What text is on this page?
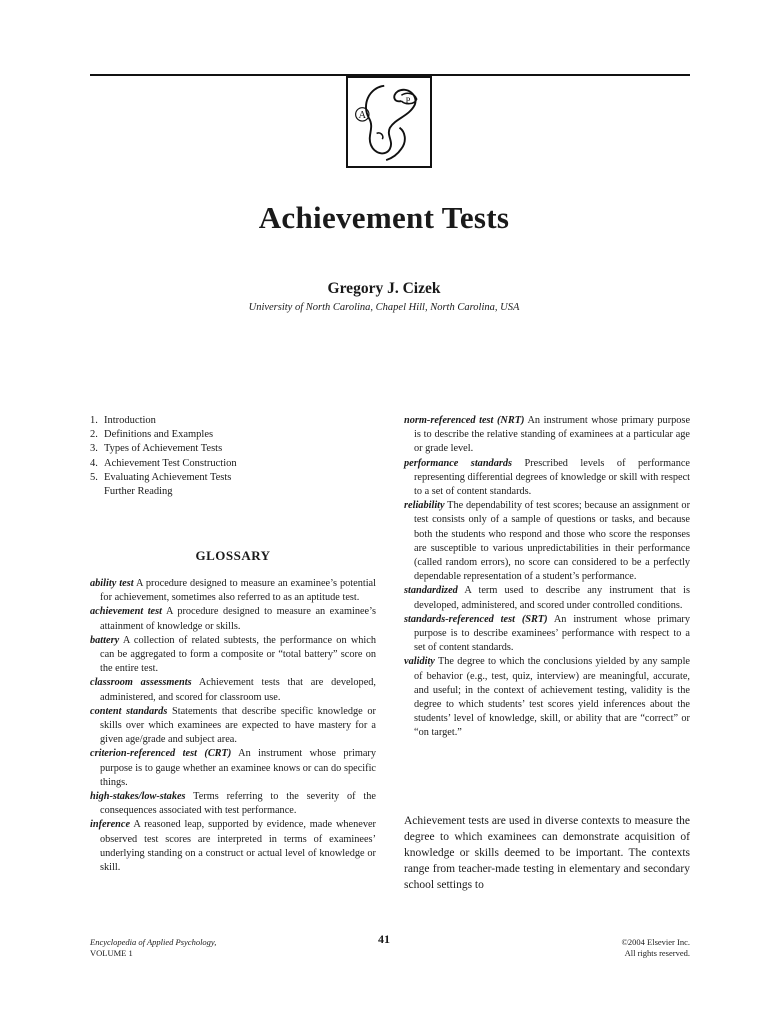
A
P
Achievement Tests
Gregory J. Cizek
University of North Carolina, Chapel Hill, North Carolina, USA
1. Introduction
2. Definitions and Examples
3. Types of Achievement Tests
4. Achievement Test Construction
5. Evaluating Achievement Tests
Further Reading
GLOSSARY

ability test A procedure designed to measure an examinee’s potential for achievement, sometimes also referred to as an aptitude test.

achievement test A procedure designed to measure an examinee’s attainment of knowledge or skills.

battery A collection of related subtests, the performance on which can be aggregated to form a composite or “total battery” score on the entire test.

classroom assessments Achievement tests that are developed, administered, and scored for classroom use.

content standards Statements that describe specific knowledge or skills over which examinees are expected to have mastery for a given age/grade and subject area.

criterion-referenced test (CRT) An instrument whose primary purpose is to gauge whether an examinee knows or can do specific things.

high-stakes/low-stakes Terms referring to the severity of the consequences associated with test performance.

inference A reasoned leap, supported by evidence, made whenever observed test scores are interpreted in terms of examinees’ underlying standing on a construct or actual level of knowledge or skill.

norm-referenced test (NRT) An instrument whose primary purpose is to describe the relative standing of examinees at a particular age or grade level.

performance standards Prescribed levels of performance representing differential degrees of knowledge or skill with respect to a set of content standards.

reliability The dependability of test scores; because an assignment or test consists only of a sample of questions or tasks, and because both the students who respond and those who score the responses are susceptible to various unpredictabilities in their performance (called random errors), no score can considered to be a perfectly dependable representation of a student’s performance.

standardized A term used to describe any instrument that is developed, administered, and scored under controlled conditions.

standards-referenced test (SRT) An instrument whose primary purpose is to describe examinees’ performance with respect to a set of content standards.

validity The degree to which the conclusions yielded by any sample of behavior (e.g., test, quiz, interview) are meaningful, accurate, and useful; in the context of achievement testing, validity is the degree to which students’ test scores yield inferences about the students’ level of knowledge, skill, or ability that are “correct” or “on target.”

Achievement tests are used in diverse contexts to measure the degree to which examinees can demonstrate acquisition of knowledge or skills deemed to be important. The contexts range from teacher-made testing in elementary and secondary school settings to

Encyclopedia of Applied Psychology,
VOLUME 1
41	©2004 Elsevier Inc.
All rights reserved.
